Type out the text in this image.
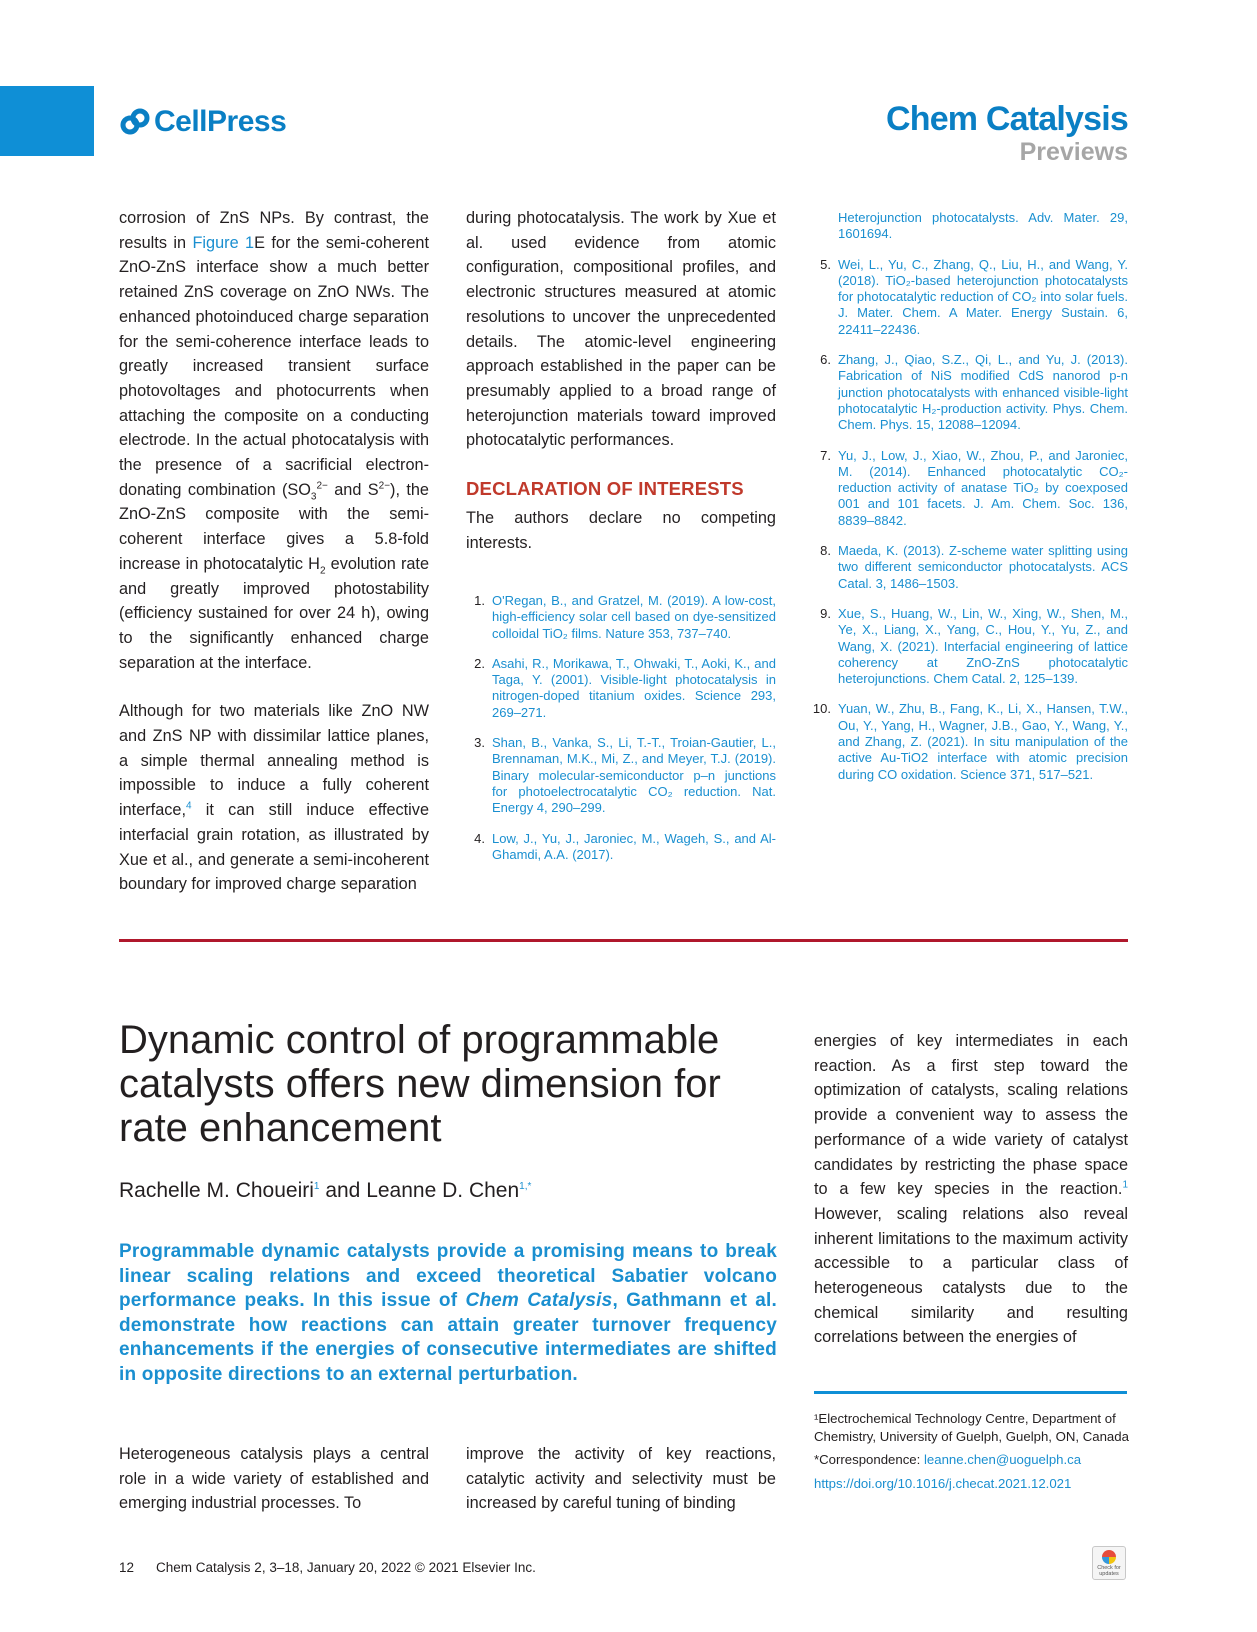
CellPress	Chem Catalysis
Previews

corrosion of ZnS NPs. By contrast, the results in Figure 1E for the semi-coherent ZnO-ZnS interface show a much better retained ZnS coverage on ZnO NWs. The enhanced photoinduced charge separation for the semi-coherence interface leads to greatly increased transient surface photovoltages and photocurrents when attaching the composite on a conducting electrode. In the actual photocatalysis with the presence of a sacrificial electron-donating combination ($SO_3^{2-}$ and $S^{2-}$), the ZnO-ZnS composite with the semi-coherent interface gives a 5.8-fold increase in photocatalytic $H_2$ evolution rate and greatly improved photostability (efficiency sustained for over 24 h), owing to the significantly enhanced charge separation at the interface.

Although for two materials like ZnO NW and ZnS NP with dissimilar lattice planes, a simple thermal annealing method is impossible to induce a fully coherent interface,$^4$ it can still induce effective interfacial grain rotation, as illustrated by Xue et al., and generate a semi-incoherent boundary for improved charge separation

during photocatalysis. The work by Xue et al. used evidence from atomic configuration, compositional profiles, and electronic structures measured at atomic resolutions to uncover the unprecedented details. The atomic-level engineering approach established in the paper can be presumably applied to a broad range of heterojunction materials toward improved photocatalytic performances.

DECLARATION OF INTERESTS

The authors declare no competing interests.

1. O'Regan, B., and Gratzel, M. (2019). A low-cost, high-efficiency solar cell based on dye-sensitized colloidal TiO₂ films. Nature 353, 737–740.
2. Asahi, R., Morikawa, T., Ohwaki, T., Aoki, K., and Taga, Y. (2001). Visible-light photocatalysis in nitrogen-doped titanium oxides. Science 293, 269–271.
3. Shan, B., Vanka, S., Li, T.-T., Troian-Gautier, L., Brennaman, M.K., Mi, Z., and Meyer, T.J. (2019). Binary molecular-semiconductor p–n junctions for photoelectrocatalytic CO₂ reduction. Nat. Energy 4, 290–299.
4. Low, J., Yu, J., Jaroniec, M., Wageh, S., and Al-Ghamdi, A.A. (2017).
Heterojunction photocatalysts. Adv. Mater. 29, 1601694.
5. Wei, L., Yu, C., Zhang, Q., Liu, H., and Wang, Y. (2018). TiO₂-based heterojunction photocatalysts for photocatalytic reduction of CO₂ into solar fuels. J. Mater. Chem. A Mater. Energy Sustain. 6, 22411–22436.
6. Zhang, J., Qiao, S.Z., Qi, L., and Yu, J. (2013). Fabrication of NiS modified CdS nanorod p-n junction photocatalysts with enhanced visible-light photocatalytic H₂-production activity. Phys. Chem. Chem. Phys. 15, 12088–12094.
7. Yu, J., Low, J., Xiao, W., Zhou, P., and Jaroniec, M. (2014). Enhanced photocatalytic CO₂-reduction activity of anatase TiO₂ by coexposed 001 and 101 facets. J. Am. Chem. Soc. 136, 8839–8842.
8. Maeda, K. (2013). Z-scheme water splitting using two different semiconductor photocatalysts. ACS Catal. 3, 1486–1503.
9. Xue, S., Huang, W., Lin, W., Xing, W., Shen, M., Ye, X., Liang, X., Yang, C., Hou, Y., Yu, Z., and Wang, X. (2021). Interfacial engineering of lattice coherency at ZnO-ZnS photocatalytic heterojunctions. Chem Catal. 2, 125–139.
10. Yuan, W., Zhu, B., Fang, K., Li, X., Hansen, T.W., Ou, Y., Yang, H., Wagner, J.B., Gao, Y., Wang, Y., and Zhang, Z. (2021). In situ manipulation of the active Au-TiO2 interface with atomic precision during CO oxidation. Science 371, 517–521.
Dynamic control of programmable catalysts offers new dimension for rate enhancement
Rachelle M. Choueiri$^1$ and Leanne D. Chen$^{1,*}$
Programmable dynamic catalysts provide a promising means to break linear scaling relations and exceed theoretical Sabatier volcano performance peaks. In this issue of Chem Catalysis, Gathmann et al. demonstrate how reactions can attain greater turnover frequency enhancements if the energies of consecutive intermediates are shifted in opposite directions to an external perturbation.
energies of key intermediates in each reaction. As a first step toward the optimization of catalysts, scaling relations provide a convenient way to assess the performance of a wide variety of catalyst candidates by restricting the phase space to a few key species in the reaction.$^1$ However, scaling relations also reveal inherent limitations to the maximum activity accessible to a particular class of heterogeneous catalysts due to the chemical similarity and resulting correlations between the energies of

Heterogeneous catalysis plays a central role in a wide variety of established and emerging industrial processes. To

improve the activity of key reactions, catalytic activity and selectivity must be increased by careful tuning of binding

¹Electrochemical Technology Centre, Department of Chemistry, University of Guelph, Guelph, ON, Canada

*Correspondence: leanne.chen@uoguelph.ca

https://doi.org/10.1016/j.checat.2021.12.021

12 Chem Catalysis 2, 3–18, January 20, 2022 © 2021 Elsevier Inc.	Check for updates
